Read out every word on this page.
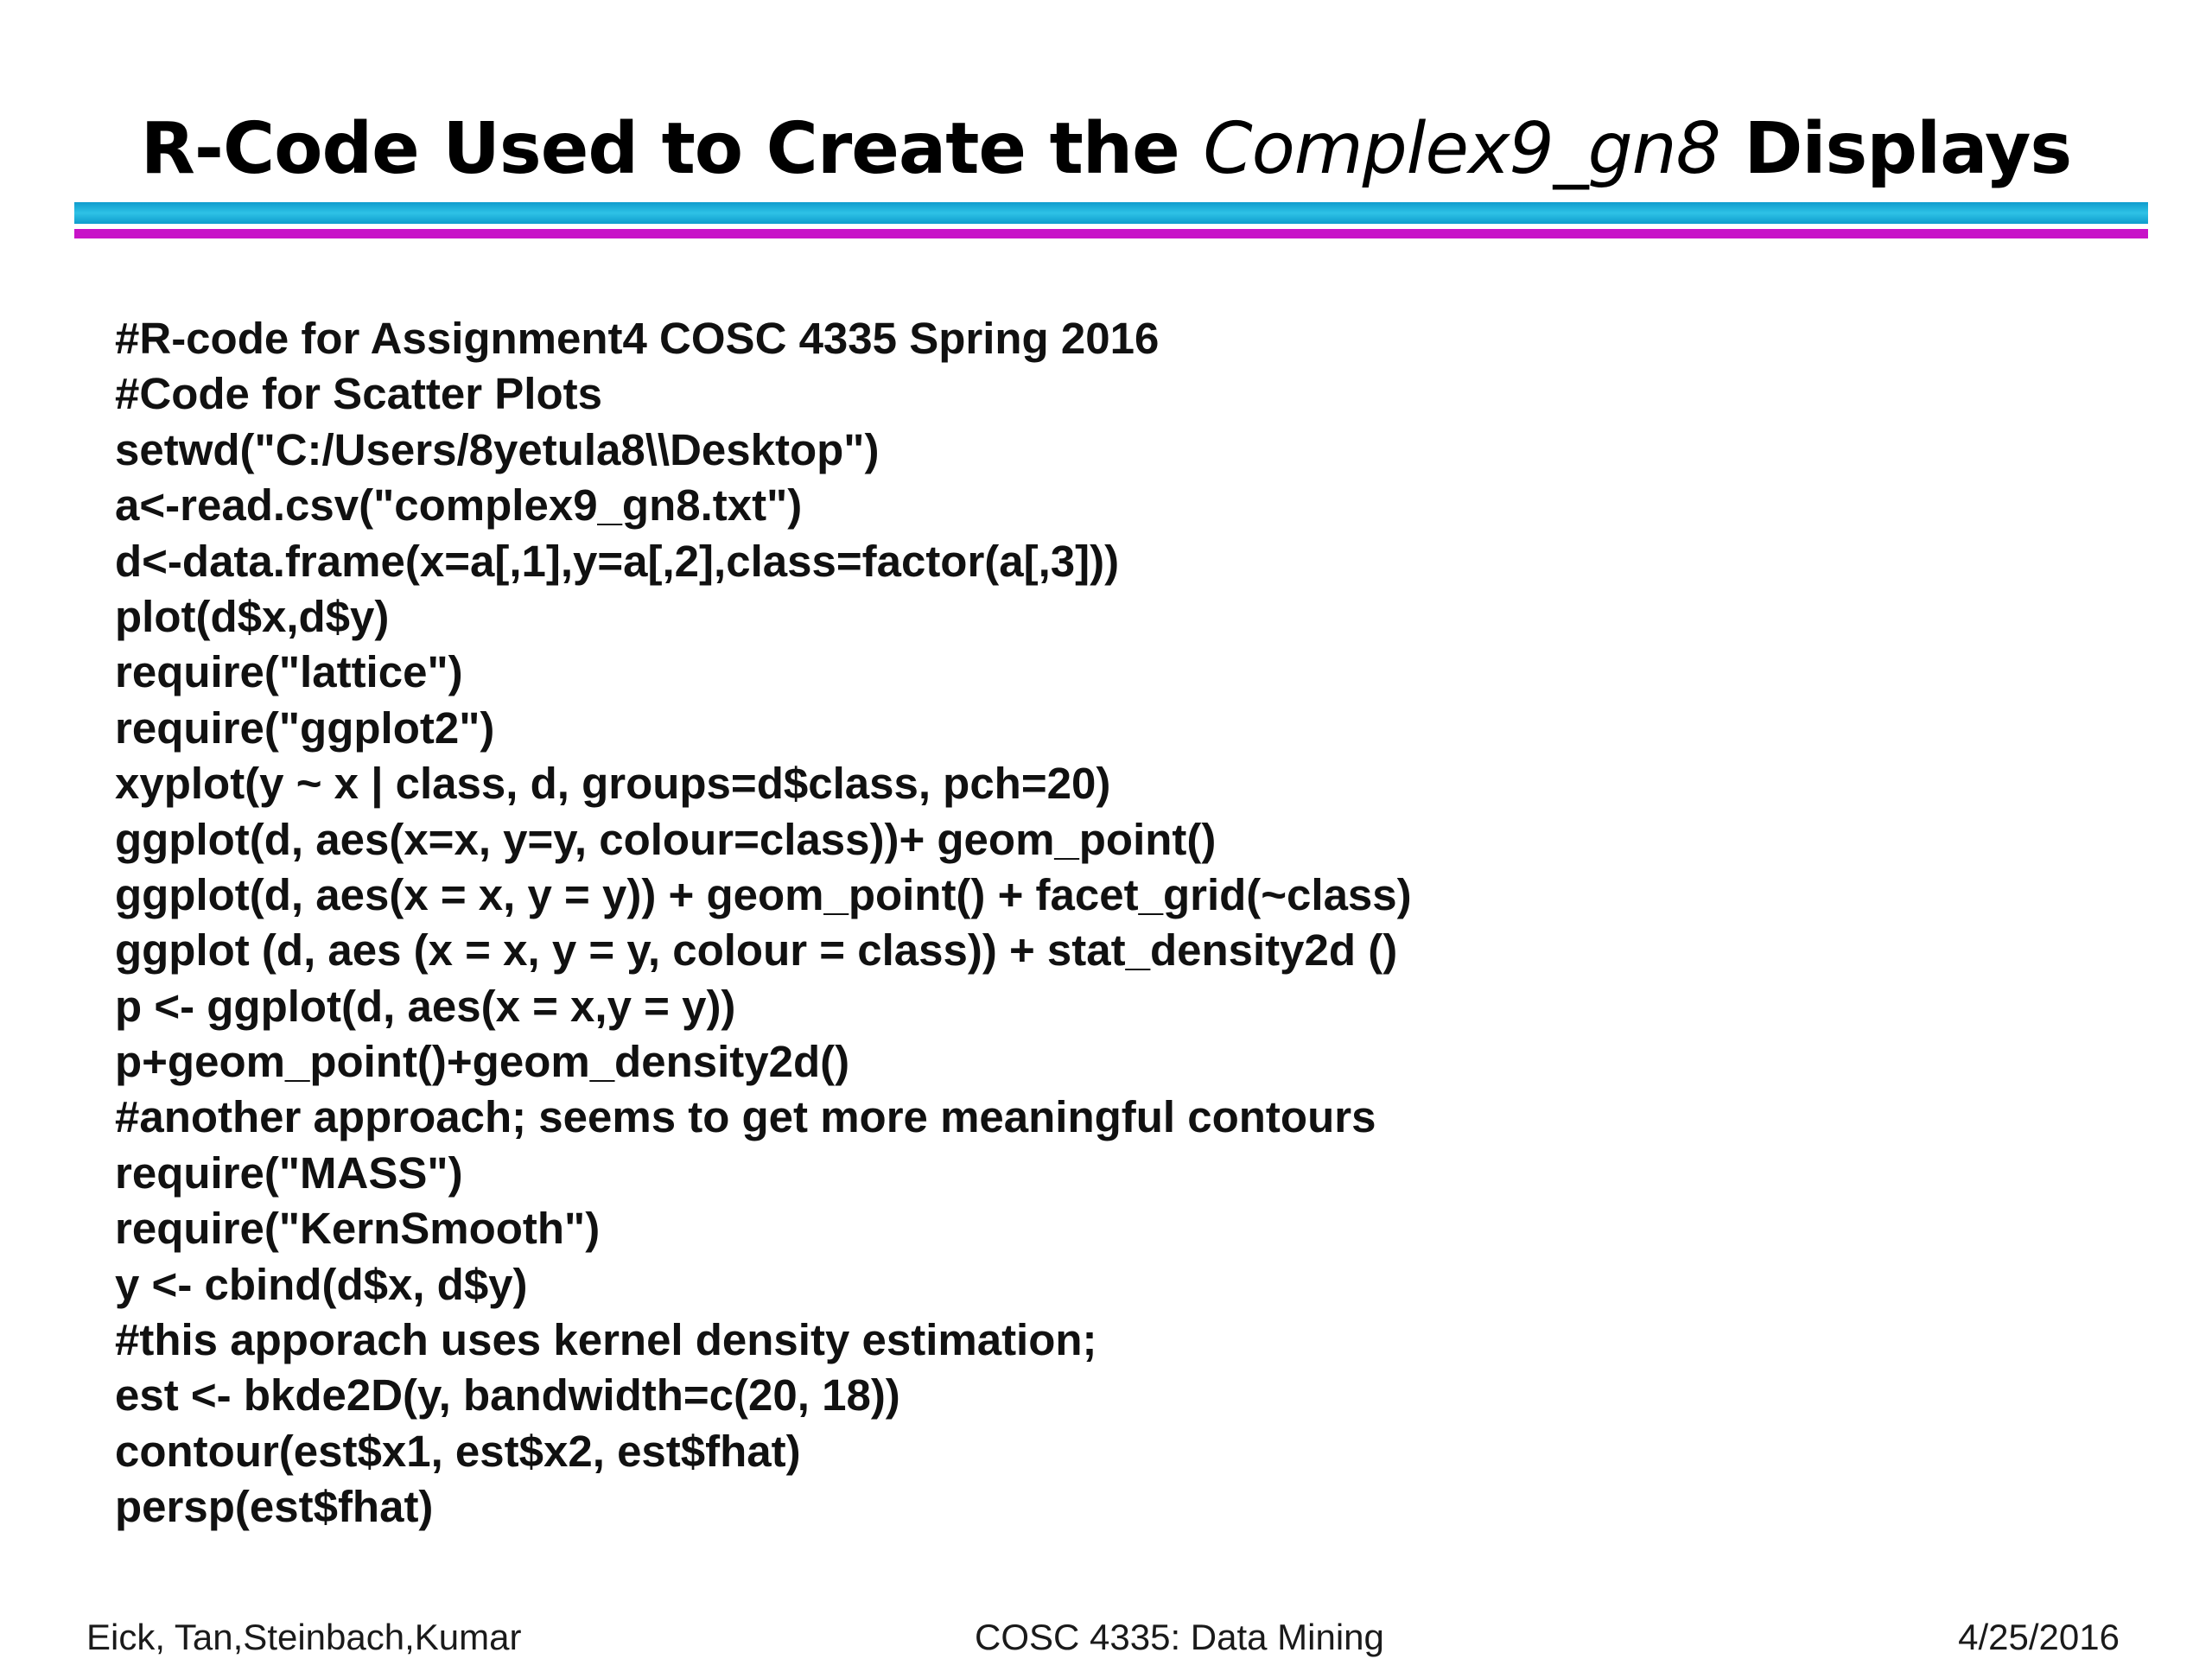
R-Code Used to Create the Complex9_gn8 Displays
#R-code for Assignment4 COSC 4335 Spring 2016
#Code for Scatter Plots
setwd("C:/Users/8yetula8\\Desktop")
a<-read.csv("complex9_gn8.txt")
d<-data.frame(x=a[,1],y=a[,2],class=factor(a[,3]))
plot(d$x,d$y)
require("lattice")
require("ggplot2")
xyplot(y ~ x | class, d, groups=d$class, pch=20)
ggplot(d, aes(x=x, y=y, colour=class))+ geom_point()
ggplot(d, aes(x = x, y = y)) + geom_point() + facet_grid(~class)
ggplot (d, aes (x = x, y = y, colour = class)) + stat_density2d ()
p <- ggplot(d, aes(x = x,y = y))
p+geom_point()+geom_density2d()
#another approach; seems to get more meaningful contours
require("MASS")
require("KernSmooth")
y <- cbind(d$x, d$y)
#this apporach uses kernel density estimation;
est <- bkde2D(y, bandwidth=c(20, 18))
contour(est$x1, est$x2, est$fhat)
persp(est$fhat)
Eick, Tan,Steinbach,Kumar	COSC 4335: Data Mining	4/25/2016
